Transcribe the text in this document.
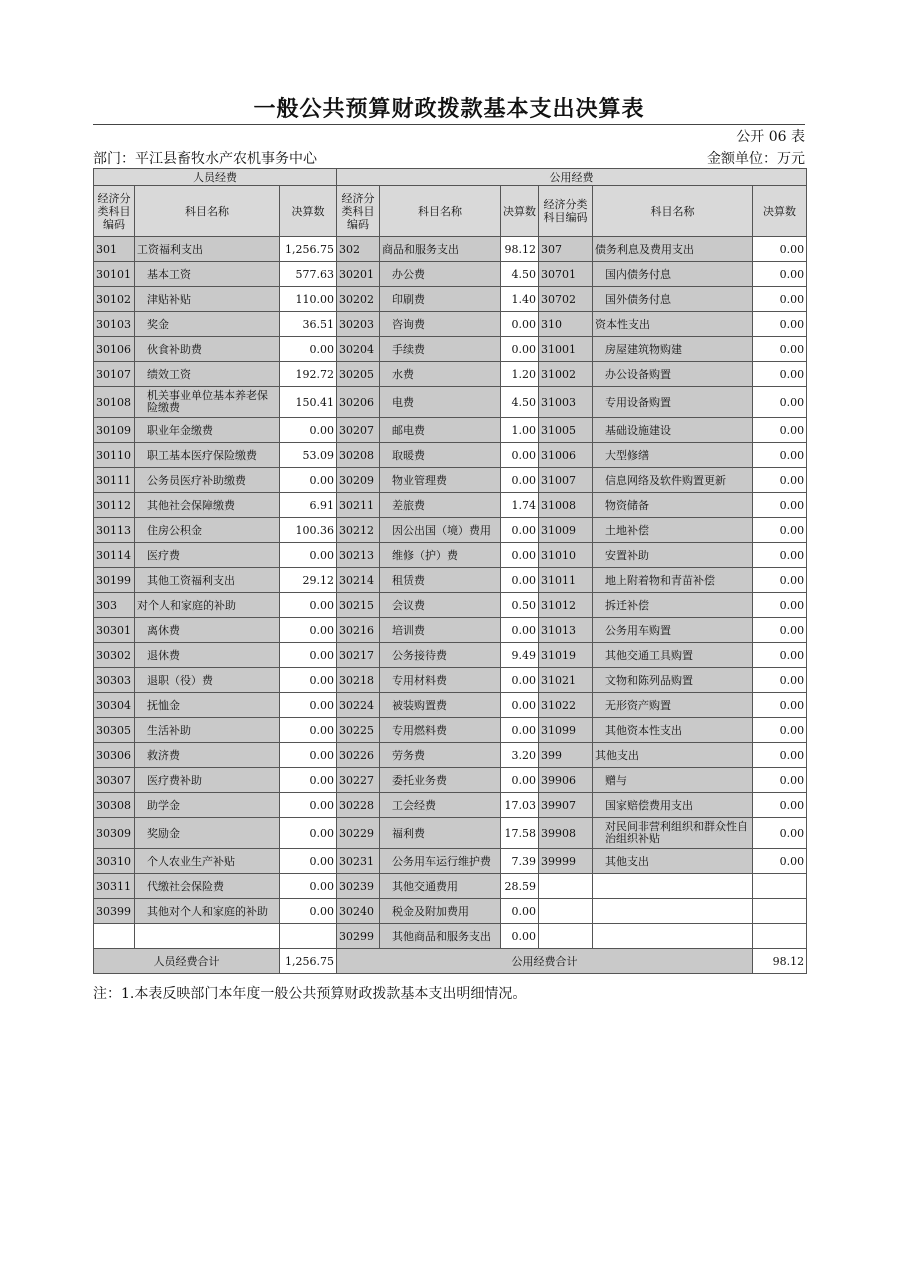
一般公共预算财政拨款基本支出决算表
公开 06 表
部门：平江县畜牧水产农机事务中心	金额单位：万元
人员经费			公用经费					
经济分类科目编码	科目名称	决算数	经济分类科目编码	科目名称	决算数	经济分类科目编码	科目名称	决算数
301	工资福利支出	1,256.75	302	商品和服务支出	98.12	307	债务利息及费用支出	0.00
30101	基本工资	577.63	30201	办公费	4.50	30701	国内债务付息	0.00
30102	津贴补贴	110.00	30202	印刷费	1.40	30702	国外债务付息	0.00
30103	奖金	36.51	30203	咨询费	0.00	310	资本性支出	0.00
30106	伙食补助费	0.00	30204	手续费	0.00	31001	房屋建筑物购建	0.00
30107	绩效工资	192.72	30205	水费	1.20	31002	办公设备购置	0.00
30108	机关事业单位基本养老保险缴费	150.41	30206	电费	4.50	31003	专用设备购置	0.00
30109	职业年金缴费	0.00	30207	邮电费	1.00	31005	基础设施建设	0.00
30110	职工基本医疗保险缴费	53.09	30208	取暖费	0.00	31006	大型修缮	0.00
30111	公务员医疗补助缴费	0.00	30209	物业管理费	0.00	31007	信息网络及软件购置更新	0.00
30112	其他社会保障缴费	6.91	30211	差旅费	1.74	31008	物资储备	0.00
30113	住房公积金	100.36	30212	因公出国（境）费用	0.00	31009	土地补偿	0.00
30114	医疗费	0.00	30213	维修（护）费	0.00	31010	安置补助	0.00
30199	其他工资福利支出	29.12	30214	租赁费	0.00	31011	地上附着物和青苗补偿	0.00
303	对个人和家庭的补助	0.00	30215	会议费	0.50	31012	拆迁补偿	0.00
30301	离休费	0.00	30216	培训费	0.00	31013	公务用车购置	0.00
30302	退休费	0.00	30217	公务接待费	9.49	31019	其他交通工具购置	0.00
30303	退职（役）费	0.00	30218	专用材料费	0.00	31021	文物和陈列品购置	0.00
30304	抚恤金	0.00	30224	被装购置费	0.00	31022	无形资产购置	0.00
30305	生活补助	0.00	30225	专用燃料费	0.00	31099	其他资本性支出	0.00
30306	救济费	0.00	30226	劳务费	3.20	399	其他支出	0.00
30307	医疗费补助	0.00	30227	委托业务费	0.00	39906	赠与	0.00
30308	助学金	0.00	30228	工会经费	17.03	39907	国家赔偿费用支出	0.00
30309	奖励金	0.00	30229	福利费	17.58	39908	对民间非营利组织和群众性自治组织补贴	0.00
30310	个人农业生产补贴	0.00	30231	公务用车运行维护费	7.39	39999	其他支出	0.00
30311	代缴社会保险费	0.00	30239	其他交通费用	28.59			
30399	其他对个人和家庭的补助	0.00	30240	税金及附加费用	0.00			
			30299	其他商品和服务支出	0.00			
人员经费合计		1,256.75	公用经费合计					98.12
注：1.本表反映部门本年度一般公共预算财政拨款基本支出明细情况。
